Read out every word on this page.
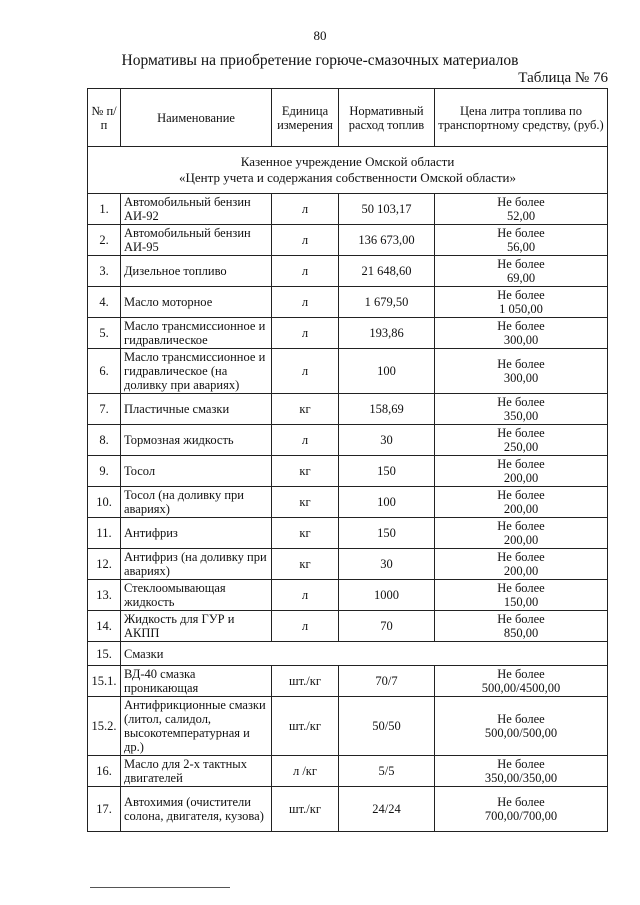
80
Нормативы на приобретение горюче-смазочных материалов
Таблица № 76
№ п/п	Наименование	Единица измерения	Нормативный расход топлив	Цена литра топлива по транспортному средству, (руб.)

Казенное учреждение Омской области
«Центр учета и содержания собственности Омской области»				

1.	Автомобильный бензин АИ-92	л	50 103,17	Не более
52,00

2.	Автомобильный бензин АИ-95	л	136 673,00	Не более
56,00

3.	Дизельное топливо	л	21 648,60	Не более
69,00

4.	Масло моторное	л	1 679,50	Не более
1 050,00

5.	Масло трансмиссионное и гидравлическое	л	193,86	Не более
300,00

6.	Масло трансмиссионное и гидравлическое (на доливку при авариях)	л	100	Не более
300,00

7.	Пластичные смазки	кг	158,69	Не более
350,00

8.	Тормозная жидкость	л	30	Не более
250,00

9.	Тосол	кг	150	Не более
200,00

10.	Тосол (на доливку при авариях)	кг	100	Не более
200,00

11.	Антифриз	кг	150	Не более
200,00

12.	Антифриз (на доливку при авариях)	кг	30	Не более
200,00

13.	Стеклоомывающая жидкость	л	1000	Не более
150,00

14.	Жидкость для ГУР и АКПП	л	70	Не более
850,00

15.	Смазки			
15.1.	ВД-40 смазка проникающая	шт./кг	70/7	Не более
500,00/4500,00

15.2.	Антифрикционные смазки (литол, салидол, высокотемпературная и др.)	шт./кг	50/50	Не более
500,00/500,00

16.	Масло для 2-х тактных двигателей	л /кг	5/5	Не более
350,00/350,00

17.	Автохимия (очистители солона, двигателя, кузова)	шт./кг	24/24	Не более
700,00/700,00
